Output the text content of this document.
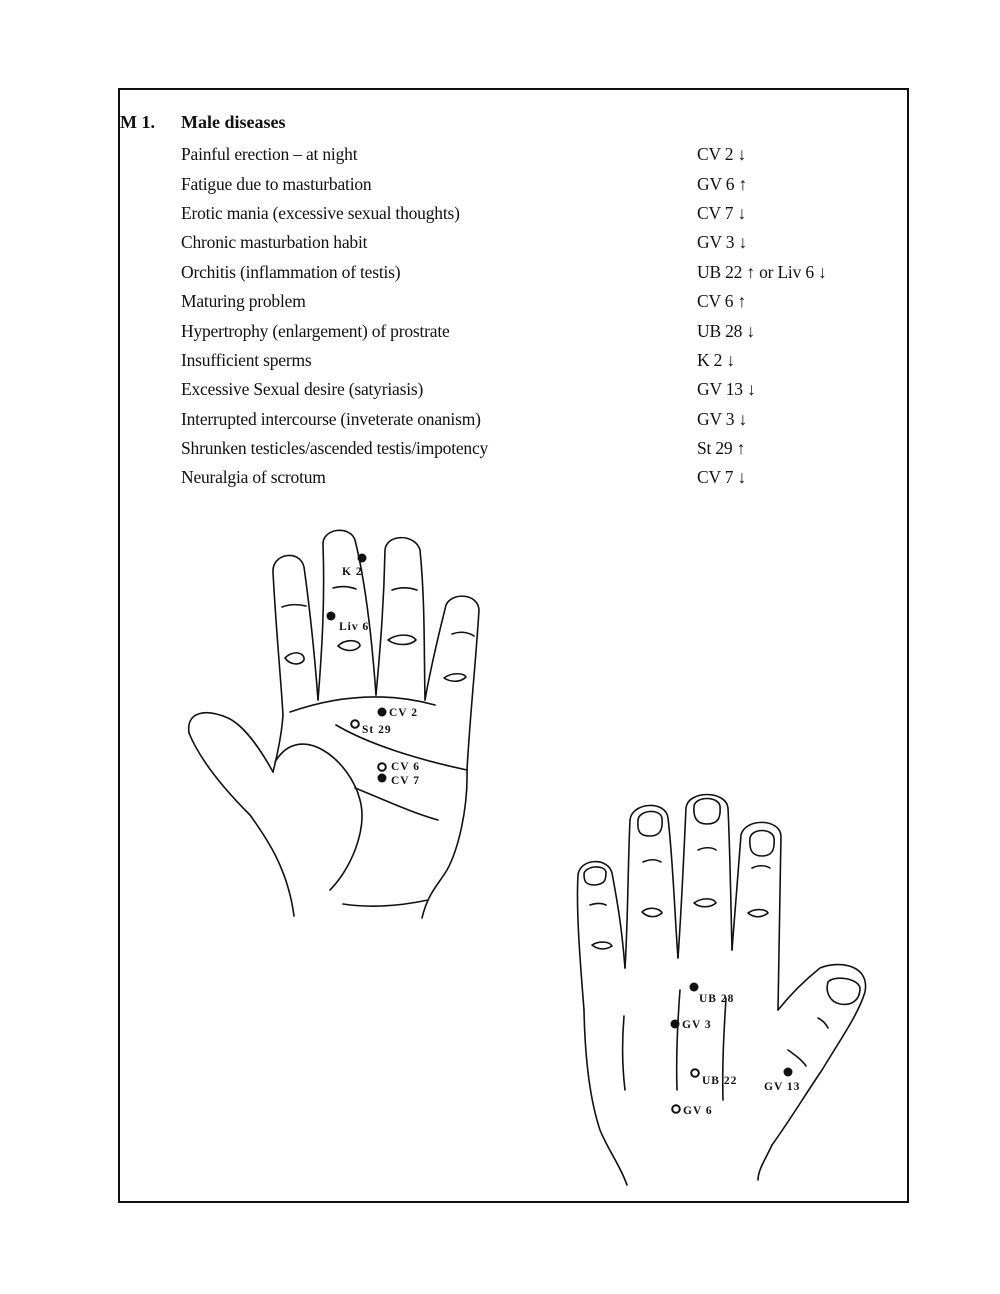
M 1. Male diseases
Painful erection – at night	CV 2 ↓
Fatigue due to masturbation	GV 6 ↑
Erotic mania (excessive sexual thoughts)	CV 7 ↓
Chronic masturbation habit	GV 3 ↓
Orchitis (inflammation of testis)	UB 22 ↑ or Liv 6 ↓
Maturing problem	CV 6 ↑
Hypertrophy (enlargement) of prostrate	UB 28 ↓
Insufficient sperms	K 2 ↓
Excessive Sexual desire (satyriasis)	GV 13 ↓
Interrupted intercourse (inveterate onanism)	GV 3 ↓
Shrunken testicles/ascended testis/impotency	St 29 ↑
Neuralgia of scrotum	CV 7 ↓
K 2
Liv 6
CV 2
St 29
CV 6
CV 7
UB 28
GV 3
UB 22 GV 13
GV 6
